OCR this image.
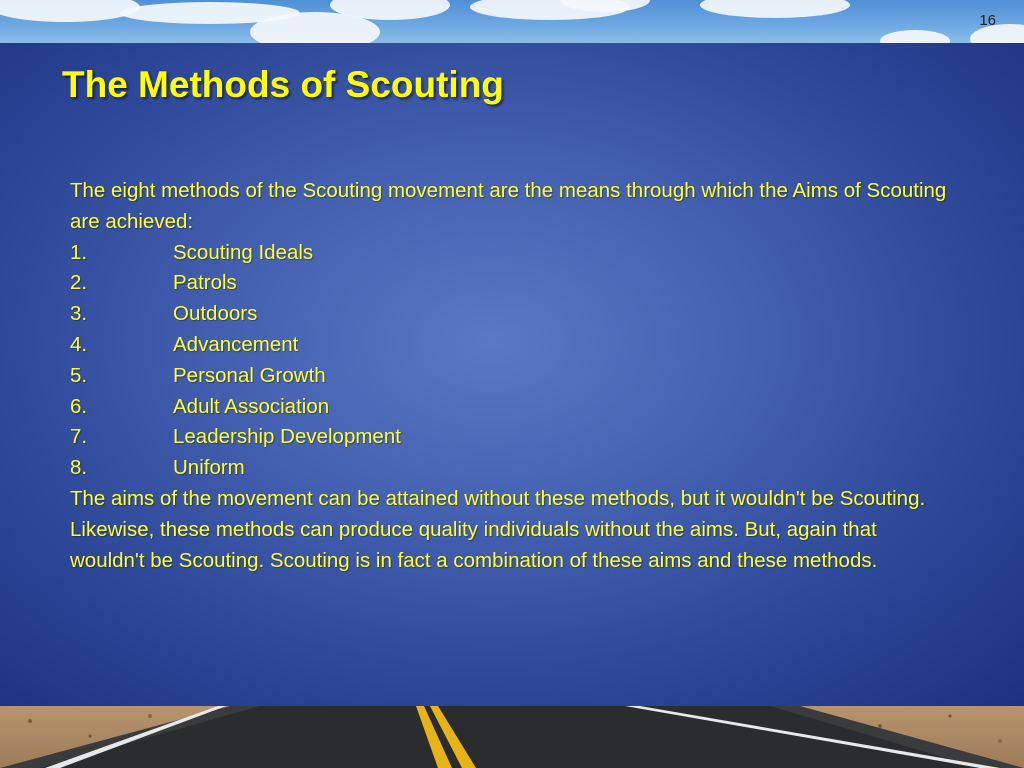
16
The Methods of Scouting

The eight methods of the Scouting movement are the means through which the Aims of Scouting are achieved:

1.	Scouting Ideals
2.	Patrols
3.	Outdoors
4.	Advancement
5.	Personal Growth
6.	Adult Association
7.	Leadership Development
8.	Uniform

The aims of the movement can be attained without these methods, but it wouldn't be Scouting. Likewise, these methods can produce quality individuals without the aims. But, again that wouldn't be Scouting. Scouting is in fact a combination of these aims and these methods.
